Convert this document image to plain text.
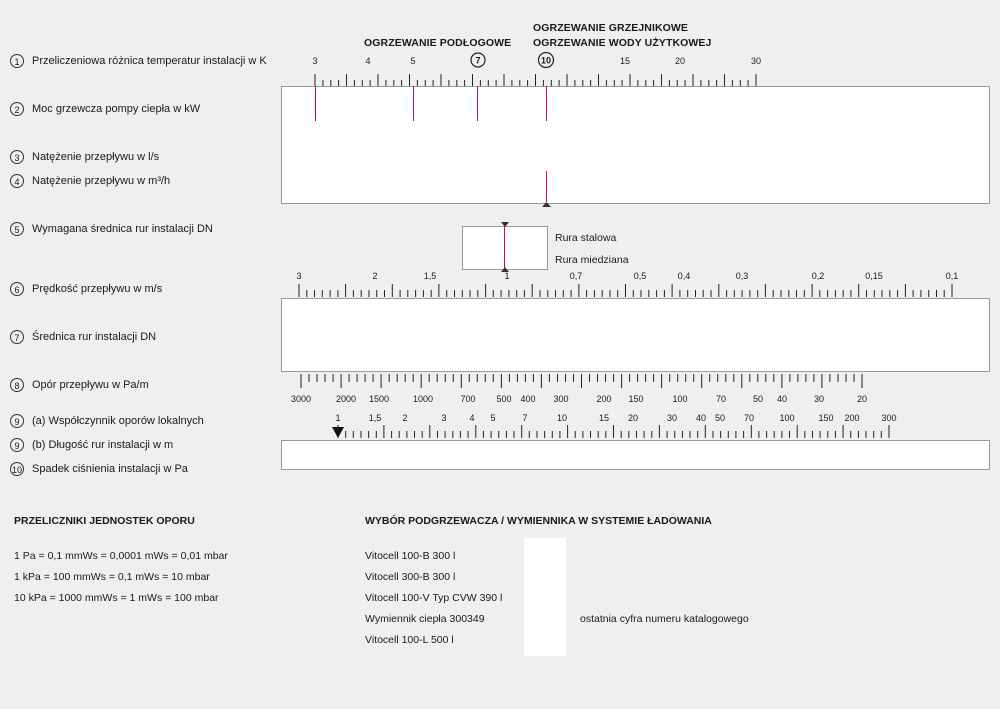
OGRZEWANIE PODŁOGOWE
OGRZEWANIE GRZEJNIKOWE
OGRZEWANIE WODY UŻYTKOWEJ
1	Przeliczeniowa różnica temperatur instalacji w K
2	Moc grzewcza pompy ciepła w kW
3	Natężenie przepływu w l/s
4	Natężenie przepływu w m³/h
5	Wymagana średnica rur instalacji DN
6	Prędkość przepływu w m/s
7	Średnica rur instalacji DN
8	Opór przepływu w Pa/m
9	(a) Współczynnik oporów lokalnych
9	(b) Długość rur instalacji w m
10 Spadek ciśnienia instalacji w Pa
3	4	5	7	10	15	20	30
Rura stalowa
Rura miedziana
3	2	1,5	1	0,7	0,5	0,4	0,3	0,2	0,15	0,1
3000	2000 1500	1000	700 500 400 300	200 150	100	70	50 40	30	20
1	1,5 2	3	4 5	7	10	15 20	30 40 50 70	100	150 200 300
PRZELICZNIKI JEDNOSTEK OPORU
1 Pa = 0,1 mmWs = 0,0001 mWs = 0,01 mbar
1 kPa = 100 mmWs = 0,1 mWs = 10 mbar
10 kPa = 1000 mmWs = 1 mWs = 100 mbar
WYBÓR PODGRZEWACZA / WYMIENNIKA W SYSTEMIE ŁADOWANIA
Vitocell 100-B 300 l
Vitocell 300-B 300 l
Vitocell 100-V Typ CVW 390 l
Wymiennik ciepła 300349
Vitocell 100-L 500 l
ostatnia cyfra numeru katalogowego
